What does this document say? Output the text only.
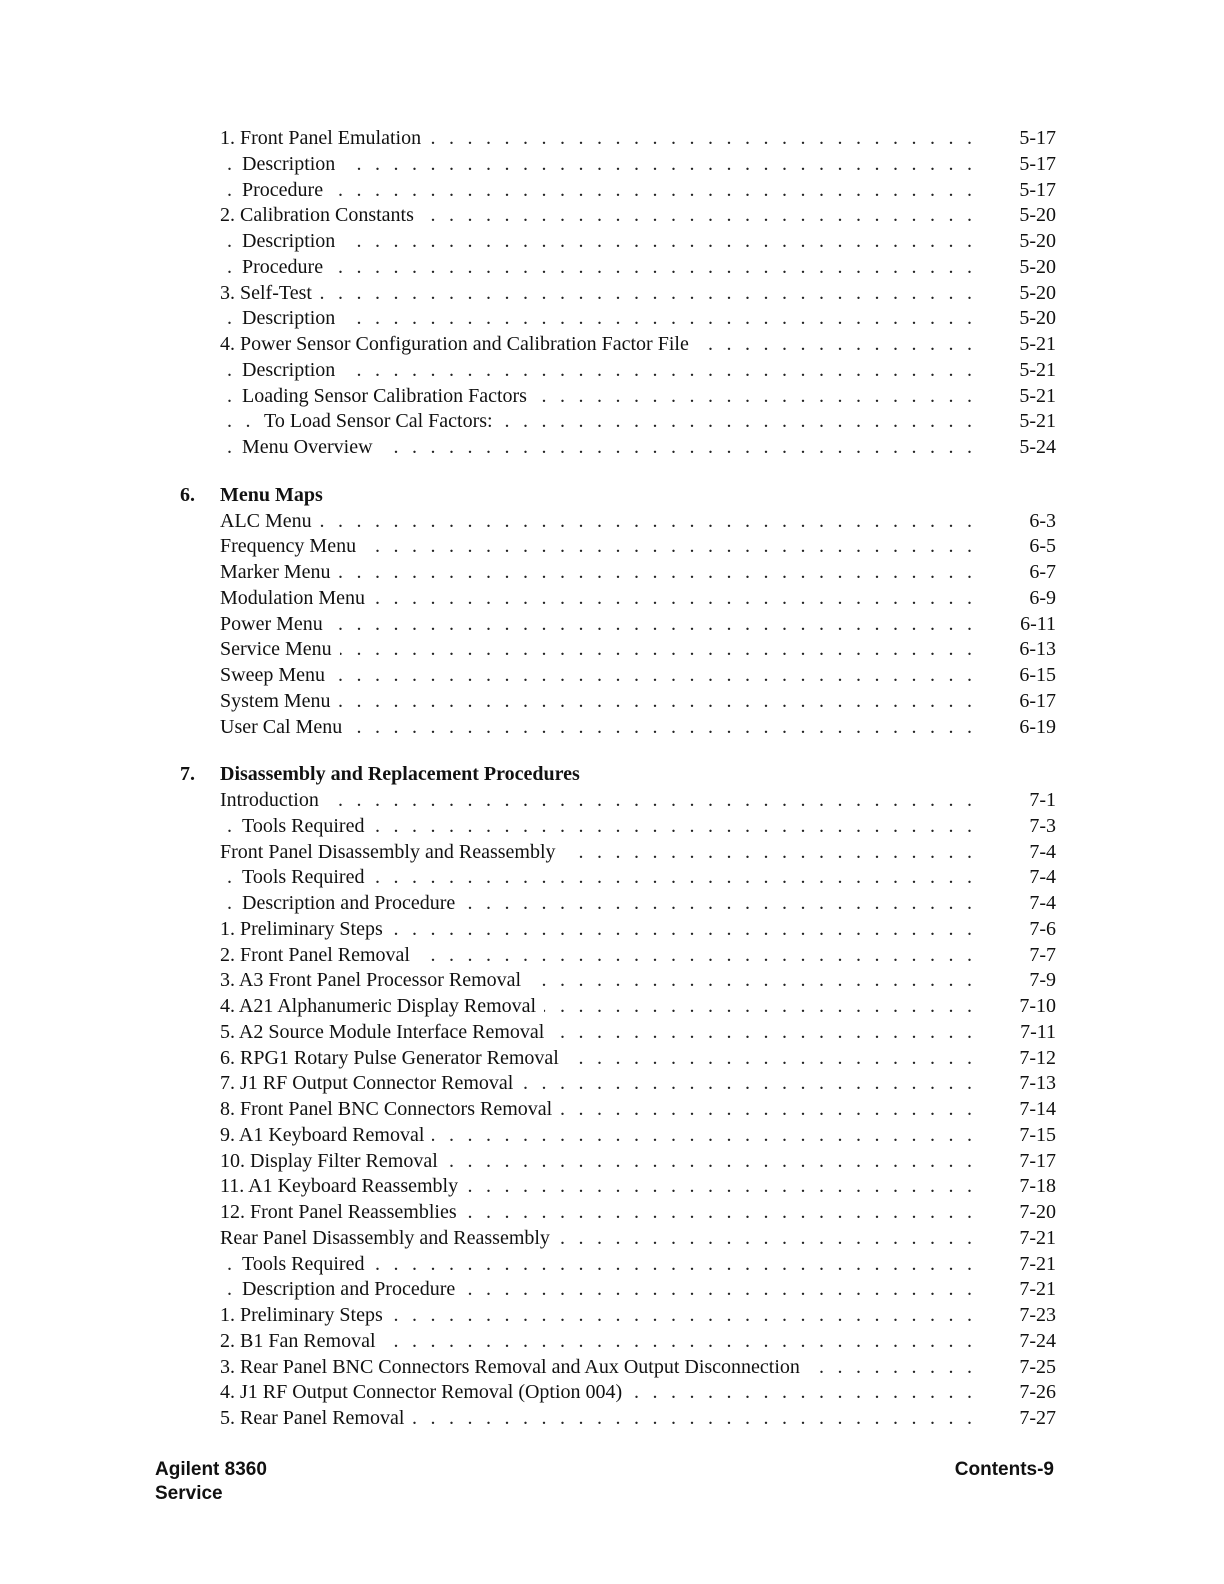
. . .
1. Front Panel Emulation	5-17
. . .
Description	5-17
. . .
Procedure	5-17
. . .
2. Calibration Constants	5-20
. . .
Description	5-20
. . .
Procedure	5-20
. . .
3. Self-Test	5-20
. . .
Description	5-20
. . .
4. Power Sensor Configuration and Calibration Factor File	5-21
. . .
Description	5-21
. . .
Loading Sensor Calibration Factors	5-21
. . .
To Load Sensor Cal Factors:	5-21
. . .
Menu Overview	5-24
6. Menu Maps
. . .
ALC Menu	6-3
. . .
Frequency Menu	6-5
. . .
Marker Menu	6-7
. . .
Modulation Menu	6-9
. . .
Power Menu	6-11
. . .
Service Menu	6-13
. . .
Sweep Menu	6-15
. . .
System Menu	6-17
. . .
User Cal Menu	6-19
7. Disassembly and Replacement Procedures
. . .
Introduction	7-1
. . .
Tools Required	7-3
. . .
Front Panel Disassembly and Reassembly	7-4
. . .
Tools Required	7-4
. . .
Description and Procedure	7-4
. . .
1. Preliminary Steps	7-6
. . .
2. Front Panel Removal	7-7
. . .
3. A3 Front Panel Processor Removal	7-9
. . .
4. A21 Alphanumeric Display Removal	7-10
. . .
5. A2 Source Module Interface Removal	7-11
. . .
6. RPG1 Rotary Pulse Generator Removal	7-12
. . .
7. J1 RF Output Connector Removal	7-13
. . .
8. Front Panel BNC Connectors Removal	7-14
. . .
9. A1 Keyboard Removal	7-15
. . .
10. Display Filter Removal	7-17
. . .
11. A1 Keyboard Reassembly	7-18
. . .
12. Front Panel Reassemblies	7-20
. . .
Rear Panel Disassembly and Reassembly	7-21
. . .
Tools Required	7-21
. . .
Description and Procedure	7-21
. . .
1. Preliminary Steps	7-23
. . .
2. B1 Fan Removal	7-24
. . .
3. Rear Panel BNC Connectors Removal and Aux Output Disconnection	7-25
. . .
4. J1 RF Output Connector Removal (Option 004)	7-26
. . .
5. Rear Panel Removal	7-27
Agilent 8360
Service
Contents-9
